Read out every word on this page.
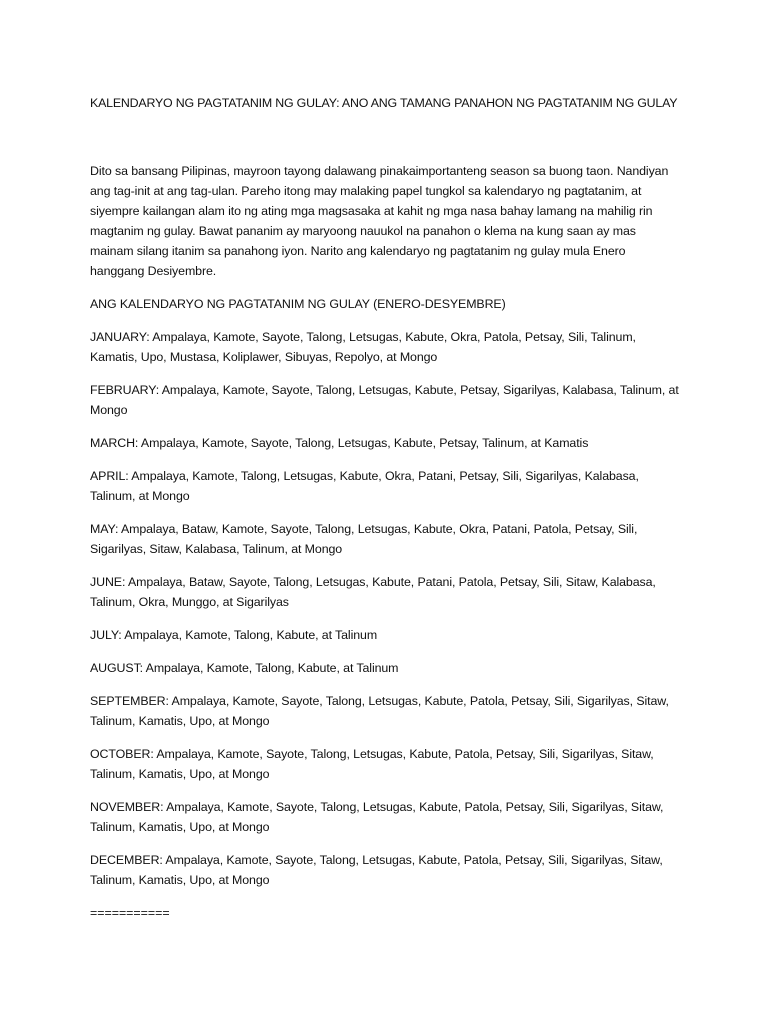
KALENDARYO NG PAGTATANIM NG GULAY: ANO ANG TAMANG PANAHON NG PAGTATANIM NG GULAY

Dito sa bansang Pilipinas, mayroon tayong dalawang pinakaimportanteng season sa buong taon. Nandiyan ang tag-init at ang tag-ulan. Pareho itong may malaking papel tungkol sa kalendaryo ng pagtatanim, at siyempre kailangan alam ito ng ating mga magsasaka at kahit ng mga nasa bahay lamang na mahilig rin magtanim ng gulay. Bawat pananim ay maryoong nauukol na panahon o klema na kung saan ay mas mainam silang itanim sa panahong iyon. Narito ang kalendaryo ng pagtatanim ng gulay mula Enero hanggang Desiyembre.

ANG KALENDARYO NG PAGTATANIM NG GULAY (ENERO-DESYEMBRE)

JANUARY: Ampalaya, Kamote, Sayote, Talong, Letsugas, Kabute, Okra, Patola, Petsay, Sili, Talinum, Kamatis, Upo, Mustasa, Koliplawer, Sibuyas, Repolyo, at Mongo

FEBRUARY: Ampalaya, Kamote, Sayote, Talong, Letsugas, Kabute, Petsay, Sigarilyas, Kalabasa, Talinum, at Mongo

MARCH: Ampalaya, Kamote, Sayote, Talong, Letsugas, Kabute, Petsay, Talinum, at Kamatis

APRIL: Ampalaya, Kamote, Talong, Letsugas, Kabute, Okra, Patani, Petsay, Sili, Sigarilyas, Kalabasa, Talinum, at Mongo

MAY: Ampalaya, Bataw, Kamote, Sayote, Talong, Letsugas, Kabute, Okra, Patani, Patola, Petsay, Sili, Sigarilyas, Sitaw, Kalabasa, Talinum, at Mongo

JUNE: Ampalaya, Bataw, Sayote, Talong, Letsugas, Kabute, Patani, Patola, Petsay, Sili, Sitaw, Kalabasa, Talinum, Okra, Munggo, at Sigarilyas

JULY: Ampalaya, Kamote, Talong, Kabute, at Talinum

AUGUST: Ampalaya, Kamote, Talong, Kabute, at Talinum

SEPTEMBER: Ampalaya, Kamote, Sayote, Talong, Letsugas, Kabute, Patola, Petsay, Sili, Sigarilyas, Sitaw, Talinum, Kamatis, Upo, at Mongo

OCTOBER: Ampalaya, Kamote, Sayote, Talong, Letsugas, Kabute, Patola, Petsay, Sili, Sigarilyas, Sitaw, Talinum, Kamatis, Upo, at Mongo

NOVEMBER: Ampalaya, Kamote, Sayote, Talong, Letsugas, Kabute, Patola, Petsay, Sili, Sigarilyas, Sitaw, Talinum, Kamatis, Upo, at Mongo

DECEMBER: Ampalaya, Kamote, Sayote, Talong, Letsugas, Kabute, Patola, Petsay, Sili, Sigarilyas, Sitaw, Talinum, Kamatis, Upo, at Mongo

===========
